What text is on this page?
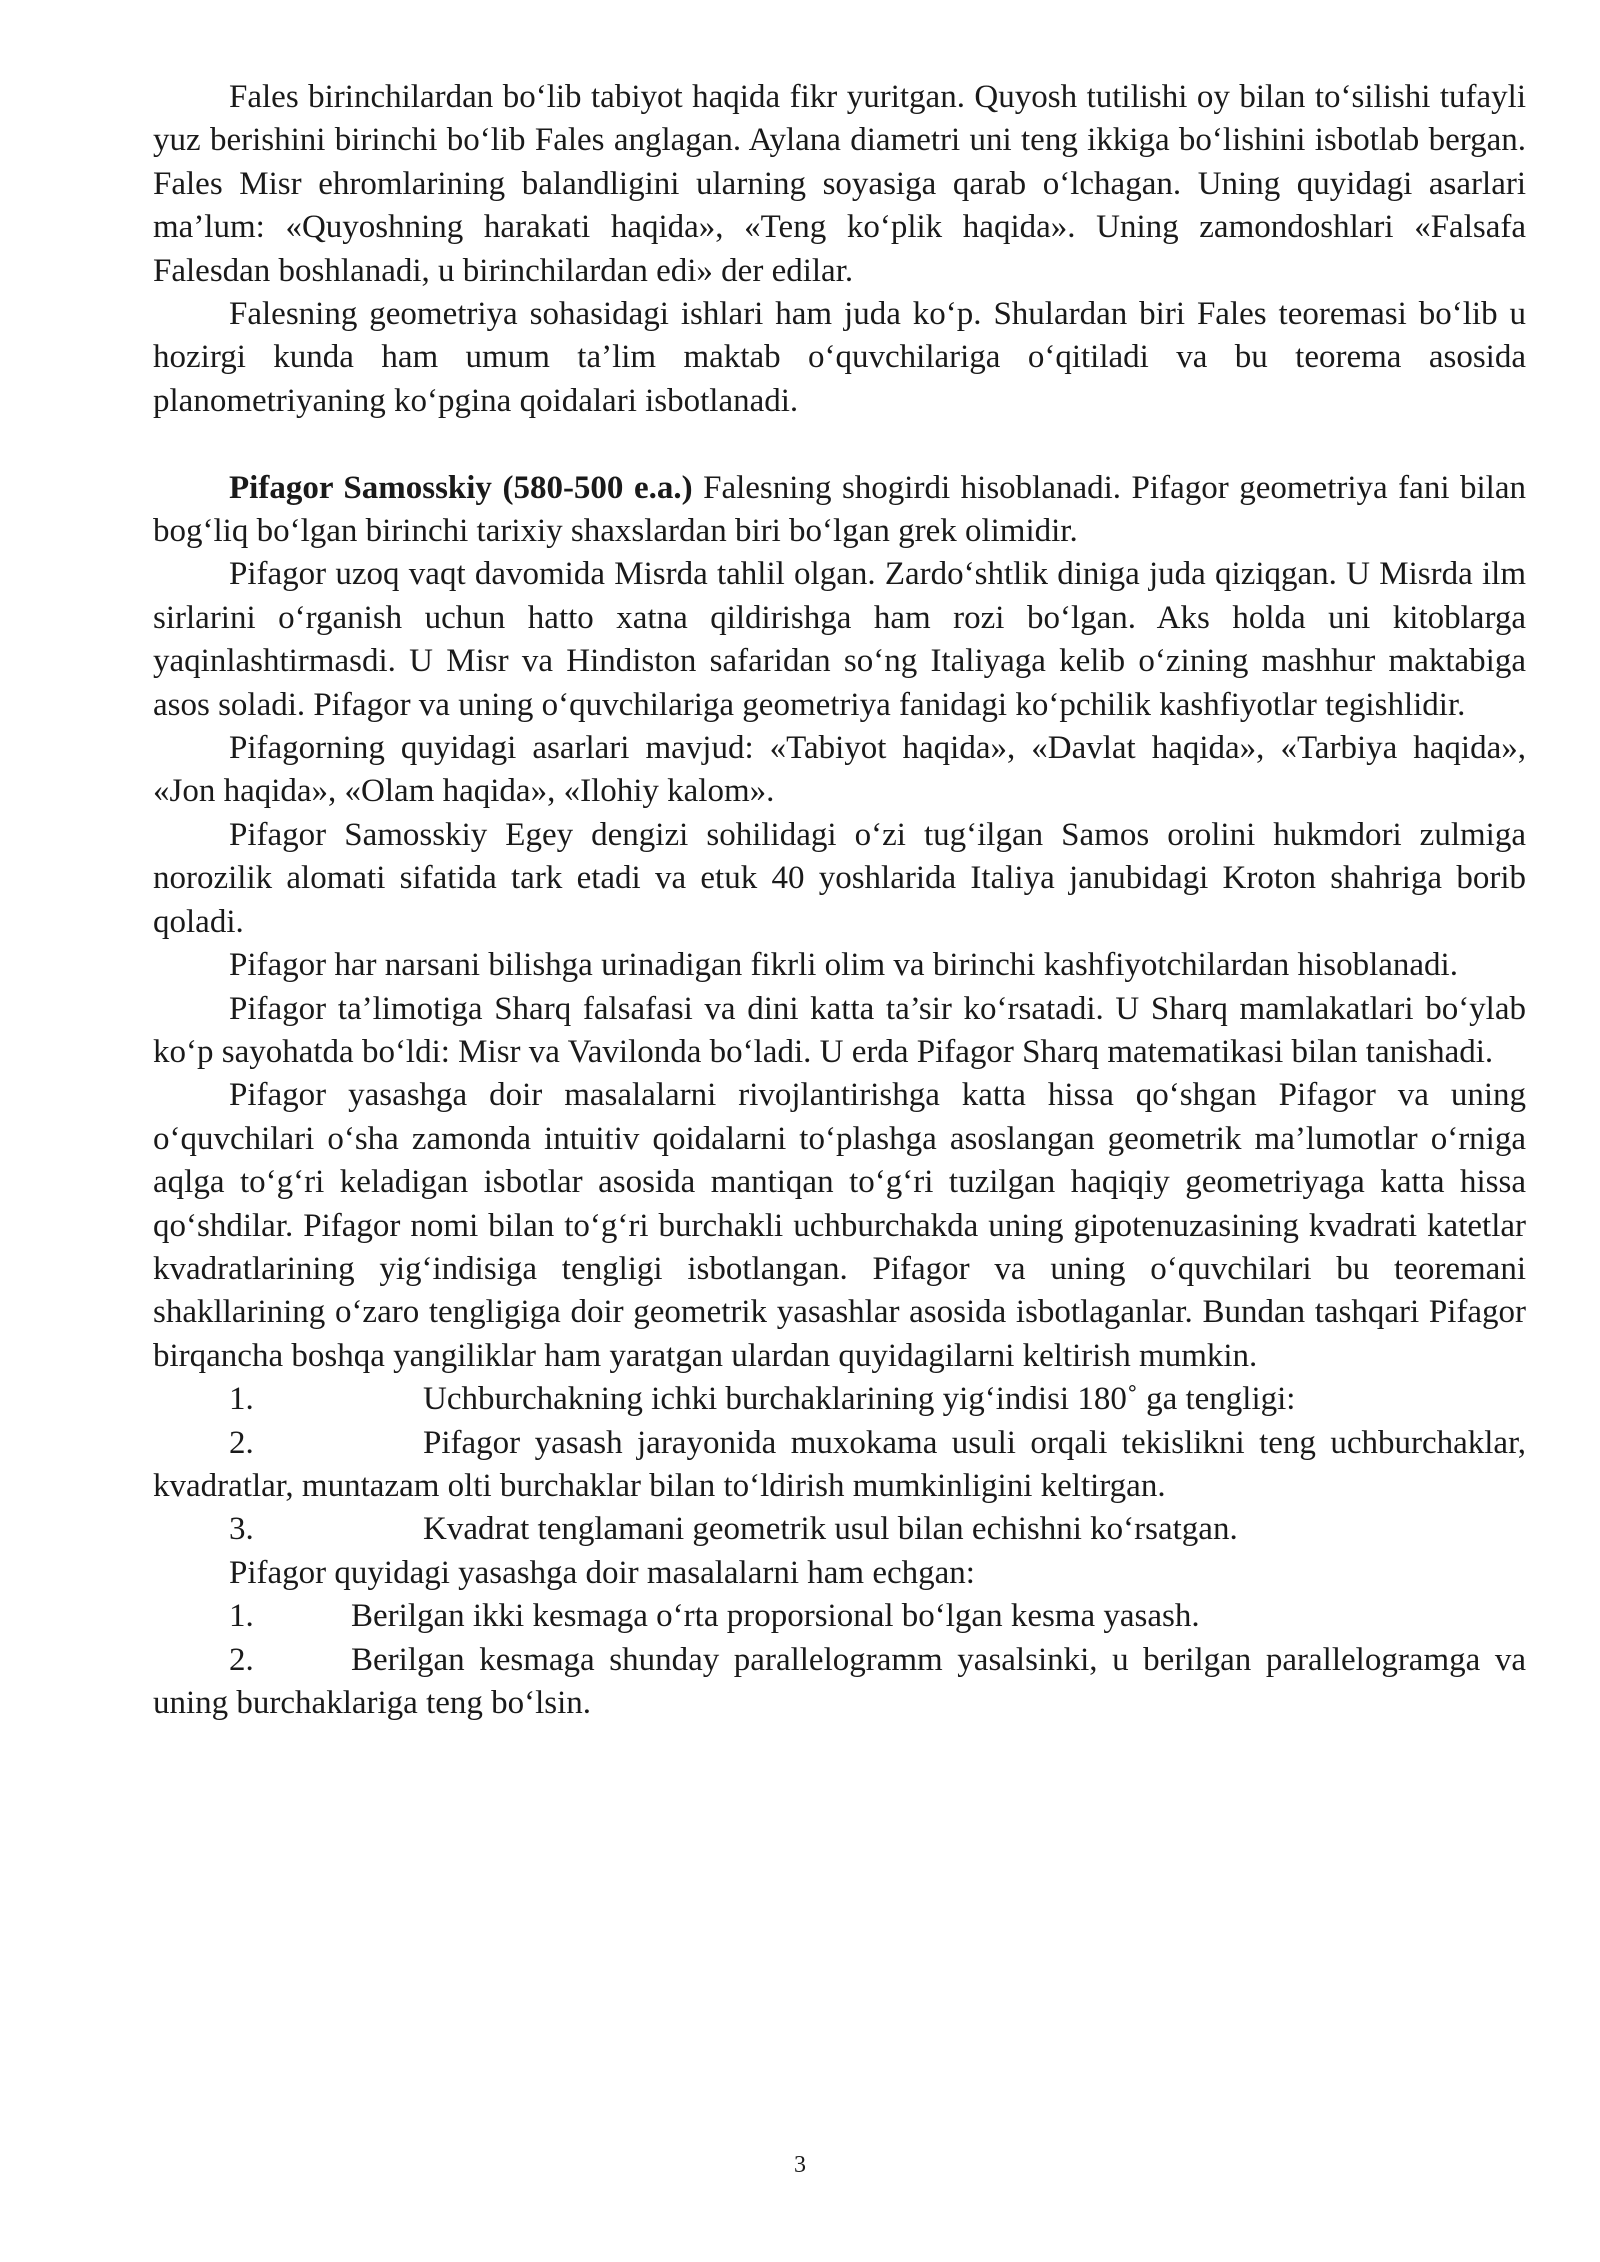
Fales birinchilardan bo‘lib tabiyot haqida fikr yuritgan. Quyosh tutilishi oy bilan to‘silishi tufayli yuz berishini birinchi bo‘lib Fales anglagan. Aylana diametri uni teng ikkiga bo‘lishini isbotlab bergan. Fales Misr ehromlarining balandligini ularning soyasiga qarab o‘lchagan. Uning quyidagi asarlari ma’lum: «Quyoshning harakati haqida», «Teng ko‘plik haqida». Uning zamondoshlari «Falsafa Falesdan boshlanadi, u birinchilardan edi» der edilar.

Falesning geometriya sohasidagi ishlari ham juda ko‘p. Shulardan biri Fales teoremasi bo‘lib u hozirgi kunda ham umum ta’lim maktab o‘quvchilariga o‘qitiladi va bu teorema asosida planometriyaning ko‘pgina qoidalari isbotlanadi.

Pifagor Samosskiy (580-500 e.a.) Falesning shogirdi hisoblanadi. Pifagor geometriya fani bilan bog‘liq bo‘lgan birinchi tarixiy shaxslardan biri bo‘lgan grek olimidir.

Pifagor uzoq vaqt davomida Misrda tahlil olgan. Zardo‘shtlik diniga juda qiziqgan. U Misrda ilm sirlarini o‘rganish uchun hatto xatna qildirishga ham rozi bo‘lgan. Aks holda uni kitoblarga yaqinlashtirmasdi. U Misr va Hindiston safaridan so‘ng Italiyaga kelib o‘zining mashhur maktabiga asos soladi. Pifagor va uning o‘quvchilariga geometriya fanidagi ko‘pchilik kashfiyotlar tegishlidir.

Pifagorning quyidagi asarlari mavjud: «Tabiyot haqida», «Davlat haqida», «Tarbiya haqida», «Jon haqida», «Olam haqida», «Ilohiy kalom».

Pifagor Samosskiy Egey dengizi sohilidagi o‘zi tug‘ilgan Samos orolini hukmdori zulmiga norozilik alomati sifatida tark etadi va etuk 40 yoshlarida Italiya janubidagi Kroton shahriga borib qoladi.

Pifagor har narsani bilishga urinadigan fikrli olim va birinchi kashfiyotchilardan hisoblanadi.

Pifagor ta’limotiga Sharq falsafasi va dini katta ta’sir ko‘rsatadi. U Sharq mamlakatlari bo‘ylab ko‘p sayohatda bo‘ldi: Misr va Vavilonda bo‘ladi. U erda Pifagor Sharq matematikasi bilan tanishadi.

Pifagor yasashga doir masalalarni rivojlantirishga katta hissa qo‘shgan Pifagor va uning o‘quvchilari o‘sha zamonda intuitiv qoidalarni to‘plashga asoslangan geometrik ma’lumotlar o‘rniga aqlga to‘g‘ri keladigan isbotlar asosida mantiqan to‘g‘ri tuzilgan haqiqiy geometriyaga katta hissa qo‘shdilar. Pifagor nomi bilan to‘g‘ri burchakli uchburchakda uning gipotenuzasining kvadrati katetlar kvadratlarining yig‘indisiga tengligi isbotlangan. Pifagor va uning o‘quvchilari bu teoremani shakllarining o‘zaro tengligiga doir geometrik yasashlar asosida isbotlaganlar. Bundan tashqari Pifagor birqancha boshqa yangiliklar ham yaratgan ulardan quyidagilarni keltirish mumkin.

1.	Uchburchakning ichki burchaklarining yig‘indisi 180˚ ga tengligi:
2.	Pifagor yasash jarayonida muxokama usuli orqali tekislikni teng uchburchaklar, kvadratlar, muntazam olti burchaklar bilan to‘ldirish mumkinligini keltirgan.
3.	Kvadrat tenglamani geometrik usul bilan echishni ko‘rsatgan.

Pifagor quyidagi yasashga doir masalalarni ham echgan:

1.	Berilgan ikki kesmaga o‘rta proporsional bo‘lgan kesma yasash.
2.	Berilgan kesmaga shunday parallelogramm yasalsinki, u berilgan parallelogramga va uning burchaklariga teng bo‘lsin.
3
